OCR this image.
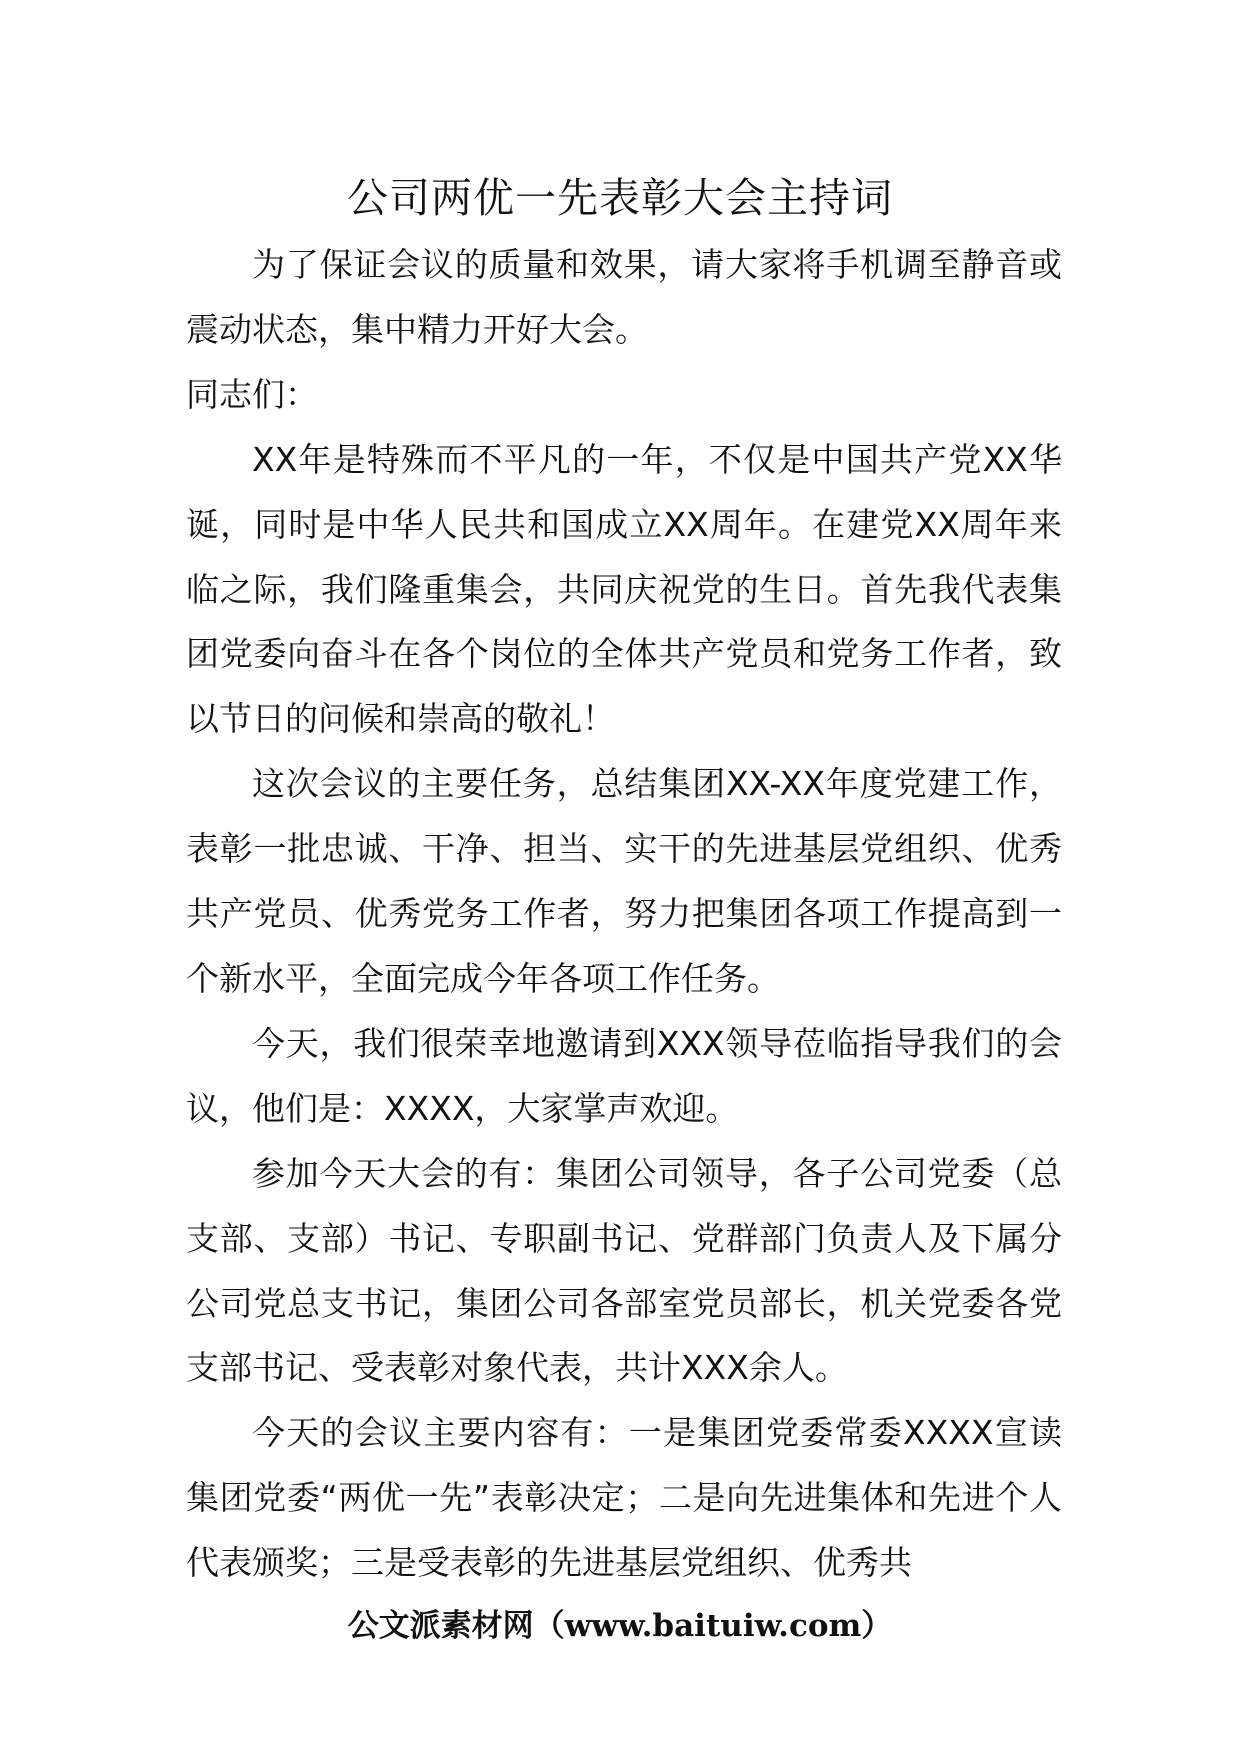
公司两优一先表彰大会主持词

为了保证会议的质量和效果，请大家将手机调至静音或震动状态，集中精力开好大会。

同志们：

XX年是特殊而不平凡的一年，不仅是中国共产党XX华诞，同时是中华人民共和国成立XX周年。在建党XX周年来临之际，我们隆重集会，共同庆祝党的生日。首先我代表集团党委向奋斗在各个岗位的全体共产党员和党务工作者，致以节日的问候和崇高的敬礼！

这次会议的主要任务，总结集团XX-XX年度党建工作，表彰一批忠诚、干净、担当、实干的先进基层党组织、优秀共产党员、优秀党务工作者，努力把集团各项工作提高到一个新水平，全面完成今年各项工作任务。

今天，我们很荣幸地邀请到XXX领导莅临指导我们的会议，他们是：XXXX，大家掌声欢迎。

参加今天大会的有：集团公司领导，各子公司党委（总支部、支部）书记、专职副书记、党群部门负责人及下属分公司党总支书记，集团公司各部室党员部长，机关党委各党支部书记、受表彰对象代表，共计XXX余人。

今天的会议主要内容有：一是集团党委常委XXXX宣读集团党委“两优一先”表彰决定；二是向先进集体和先进个人代表颁奖；三是受表彰的先进基层党组织、优秀共

公文派素材网（www.baituiw.com）
